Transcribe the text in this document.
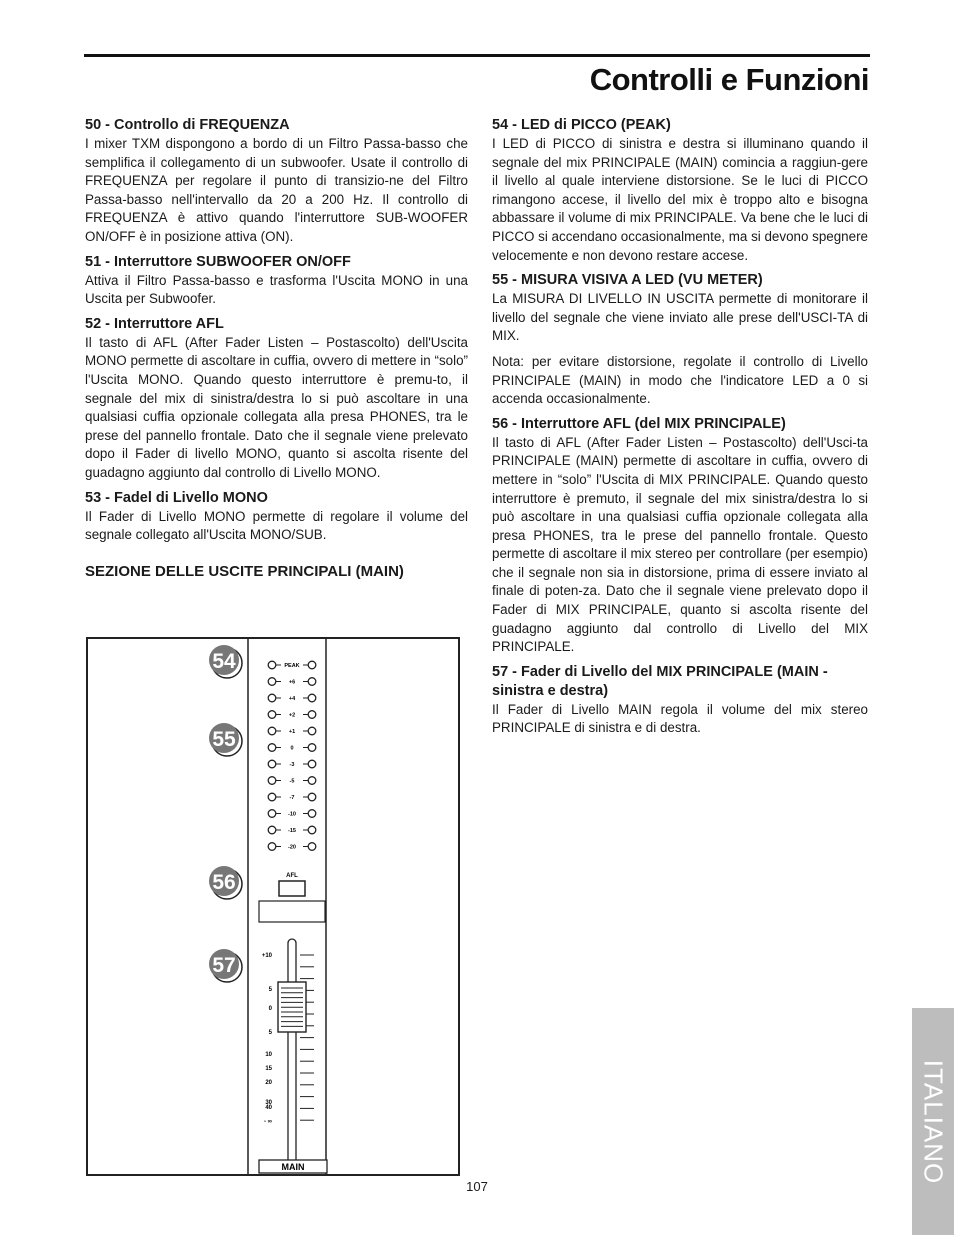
Controlli e Funzioni
50 - Controllo di FREQUENZA

I mixer TXM dispongono a bordo di un Filtro Passa-basso che semplifica il collegamento di un subwoofer. Usate il controllo di FREQUENZA per regolare il punto di transizio-ne del Filtro Passa-basso nell'intervallo da 20 a 200 Hz. Il controllo di FREQUENZA è attivo quando l'interruttore SUB-WOOFER ON/OFF è in posizione attiva (ON).

51 - Interruttore SUBWOOFER ON/OFF

Attiva il Filtro Passa-basso e trasforma l'Uscita MONO in una Uscita per Subwoofer.

52 - Interruttore AFL

Il tasto di AFL (After Fader Listen – Postascolto) dell'Uscita MONO permette di ascoltare in cuffia, ovvero di mettere in “solo” l'Uscita MONO. Quando questo interruttore è premu-to, il segnale del mix di sinistra/destra lo si può ascoltare in una qualsiasi cuffia opzionale collegata alla presa PHONES, tra le prese del pannello frontale. Dato che il segnale viene prelevato dopo il Fader di livello MONO, quanto si ascolta risente del guadagno aggiunto dal controllo di Livello MONO.

53 - Fadel di Livello MONO

Il Fader di Livello MONO permette di regolare il volume del segnale collegato all'Uscita MONO/SUB.

SEZIONE DELLE USCITE PRINCIPALI (MAIN)
54 - LED di PICCO (PEAK)

I LED di PICCO di sinistra e destra si illuminano quando il segnale del mix PRINCIPALE (MAIN) comincia a raggiun-gere il livello al quale interviene distorsione. Se le luci di PICCO rimangono accese, il livello del mix è troppo alto e bisogna abbassare il volume di mix PRINCIPALE. Va bene che le luci di PICCO si accendano occasionalmente, ma si devono spegnere velocemente e non devono restare accese.

55 - MISURA VISIVA A LED (VU METER)

La MISURA DI LIVELLO IN USCITA permette di monitorare il livello del segnale che viene inviato alle prese dell'USCI-TA di MIX.

Nota: per evitare distorsione, regolate il controllo di Livello PRINCIPALE (MAIN) in modo che l'indicatore LED a 0 si accenda occasionalmente.

56 - Interruttore AFL (del MIX PRINCIPALE)

Il tasto di AFL (After Fader Listen – Postascolto) dell'Usci-ta PRINCIPALE (MAIN) permette di ascoltare in cuffia, ovvero di mettere in “solo” l'Uscita di MIX PRINCIPALE. Quando questo interruttore è premuto, il segnale del mix sinistra/destra lo si può ascoltare in una qualsiasi cuffia opzionale collegata alla presa PHONES, tra le prese del pannello frontale. Questo permette di ascoltare il mix stereo per controllare (per esempio) che il segnale non sia in distorsione, prima di essere inviato al finale di poten-za. Dato che il segnale viene prelevato dopo il Fader di MIX PRINCIPALE, quanto si ascolta risente del guadagno aggiunto dal controllo di Livello del MIX PRINCIPALE.

57 - Fader di Livello del MIX PRINCIPALE (MAIN - sinistra e destra)

Il Fader di Livello MAIN regola il volume del mix stereo PRINCIPALE di sinistra e di destra.

54
55
56
57
PEAK
+6
+4
+2
+1
0
-3
-5
-7
-10
-15
-20
AFL
+10
5
0
5
10
15
20
30
40
- ∞
MAIN	ITALIANO
107
